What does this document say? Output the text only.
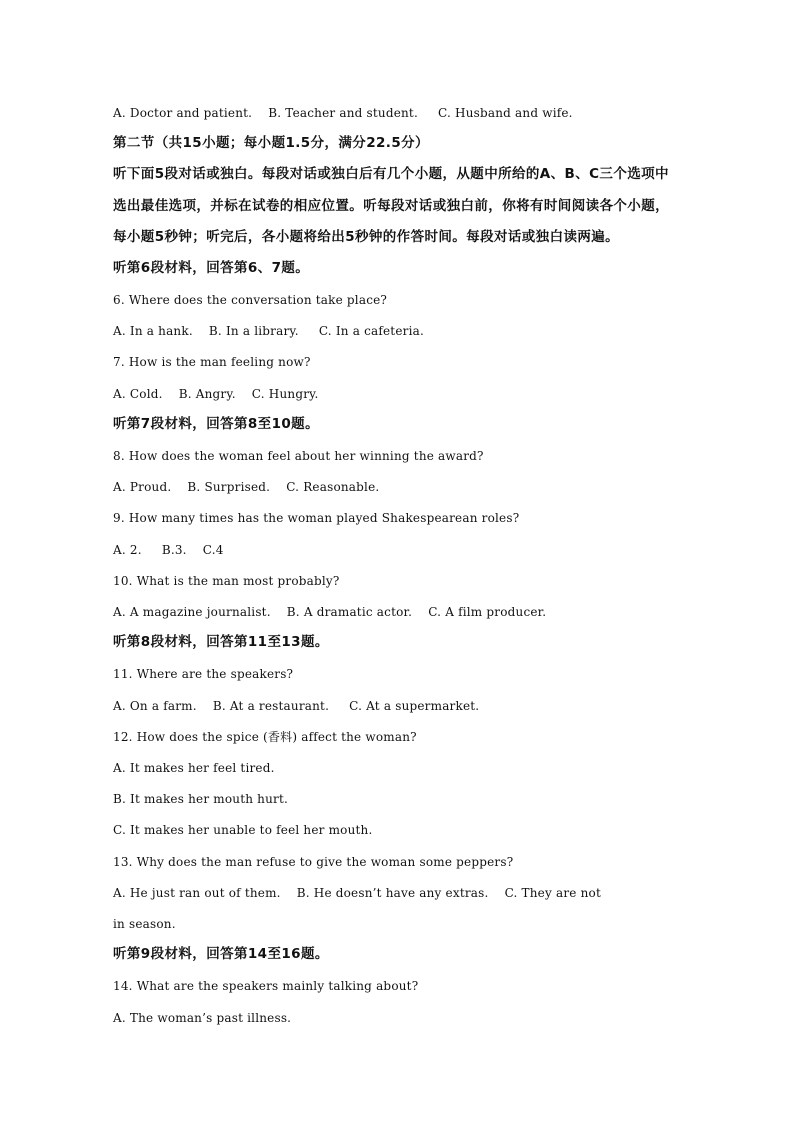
A. Doctor and patient.    B. Teacher and student.     C. Husband and wife.

第二节（共15小题；每小题1.5分，满分22.5分）

听下面5段对话或独白。每段对话或独白后有几个小题，从题中所给的A、B、C三个选项中

选出最佳选项，并标在试卷的相应位置。听每段对话或独白前，你将有时间阅读各个小题，

每小题5秒钟；听完后，各小题将给出5秒钟的作答时间。每段对话或独白读两遍。

听第6段材料，回答第6、7题。

6. Where does the conversation take place?

A. In a hank.    B. In a library.     C. In a cafeteria.

7. How is the man feeling now?

A. Cold.    B. Angry.    C. Hungry.

听第7段材料，回答第8至10题。

8. How does the woman feel about her winning the award?

A. Proud.    B. Surprised.    C. Reasonable.

9. How many times has the woman played Shakespearean roles?

A. 2.     B.3.    C.4

10. What is the man most probably?

A. A magazine journalist.    B. A dramatic actor.    C. A film producer.

听第8段材料，回答第11至13题。

11. Where are the speakers?

A. On a farm.    B. At a restaurant.     C. At a supermarket.

12. How does the spice (香料) affect the woman?

A. It makes her feel tired.

B. It makes her mouth hurt.

C. It makes her unable to feel her mouth.

13. Why does the man refuse to give the woman some peppers?

A. He just ran out of them.    B. He doesn’t have any extras.    C. They are not

in season.

听第9段材料，回答第14至16题。

14. What are the speakers mainly talking about?

A. The woman’s past illness.
